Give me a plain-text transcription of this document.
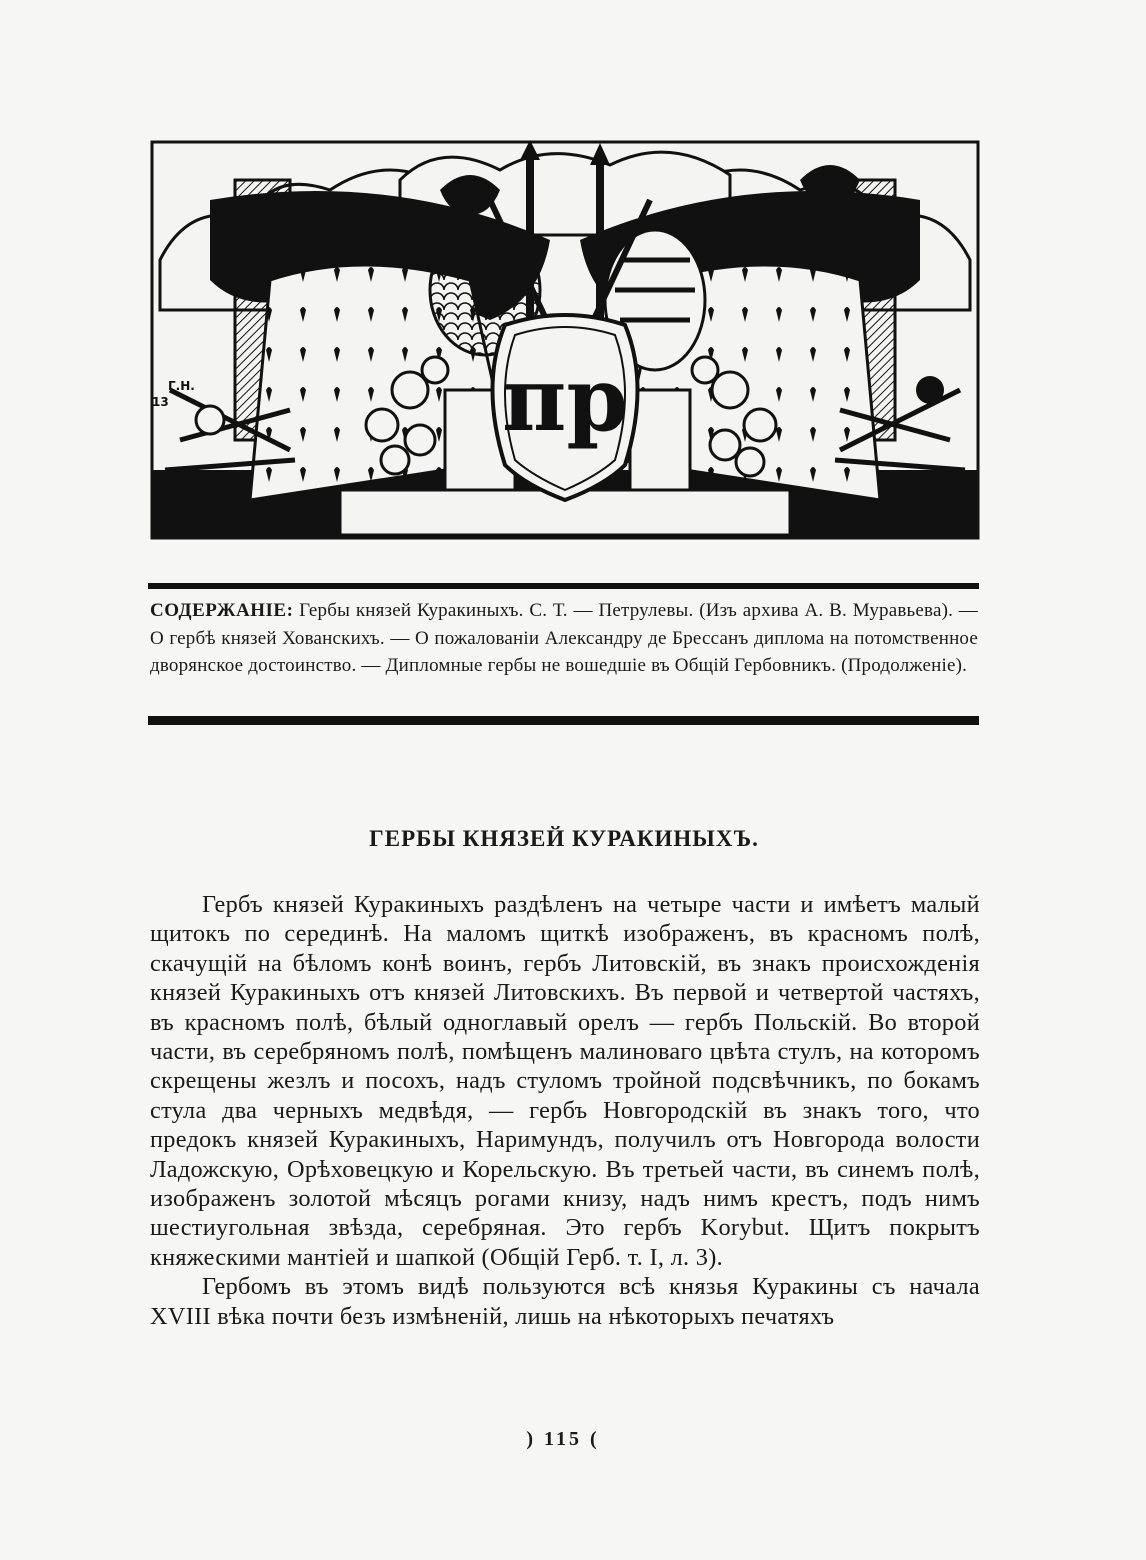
пр
Г.Н.
13
СОДЕРЖАНIЕ: Гербы князей Куракиныхъ. С. Т. — Петрулевы. (Изъ архива А. В. Муравьева). — О гербѣ князей Хованскихъ. — О пожалованiи Александру де Брессанъ диплома на потомственное дворянское достоинство. — Дипломные гербы не вошедшiе въ Общiй Гербовникъ. (Продолженiе).
ГЕРБЫ КНЯЗЕЙ КУРАКИНЫХЪ.

Гербъ князей Куракиныхъ раздѣленъ на четыре части и имѣетъ малый щитокъ по серединѣ. На маломъ щиткѣ изображенъ, въ красномъ полѣ, скачущiй на бѣломъ конѣ воинъ, гербъ Литовскiй, въ знакъ происхожденiя князей Куракиныхъ отъ князей Литовскихъ. Въ первой и четвертой частяхъ, въ красномъ полѣ, бѣлый одноглавый орелъ — гербъ Польскiй. Во второй части, въ серебряномъ полѣ, помѣщенъ малиноваго цвѣта стулъ, на которомъ скрещены жезлъ и посохъ, надъ стуломъ тройной подсвѣчникъ, по бокамъ стула два черныхъ медвѣдя, — гербъ Новгородскiй въ знакъ того, что предокъ князей Куракиныхъ, Наримундъ, получилъ отъ Новгорода волости Ладожскую, Орѣховецкую и Корельскую. Въ третьей части, въ синемъ полѣ, изображенъ золотой мѣсяцъ рогами книзу, надъ нимъ крестъ, подъ нимъ шестиугольная звѣзда, серебряная. Это гербъ Korybut. Щитъ покрытъ княжескими мантiей и шапкой (Общiй Герб. т. I, л. 3).

Гербомъ въ этомъ видѣ пользуются всѣ князья Куракины съ начала XVIII вѣка почти безъ измѣненiй, лишь на нѣкоторыхъ печатяхъ

) 115 (
